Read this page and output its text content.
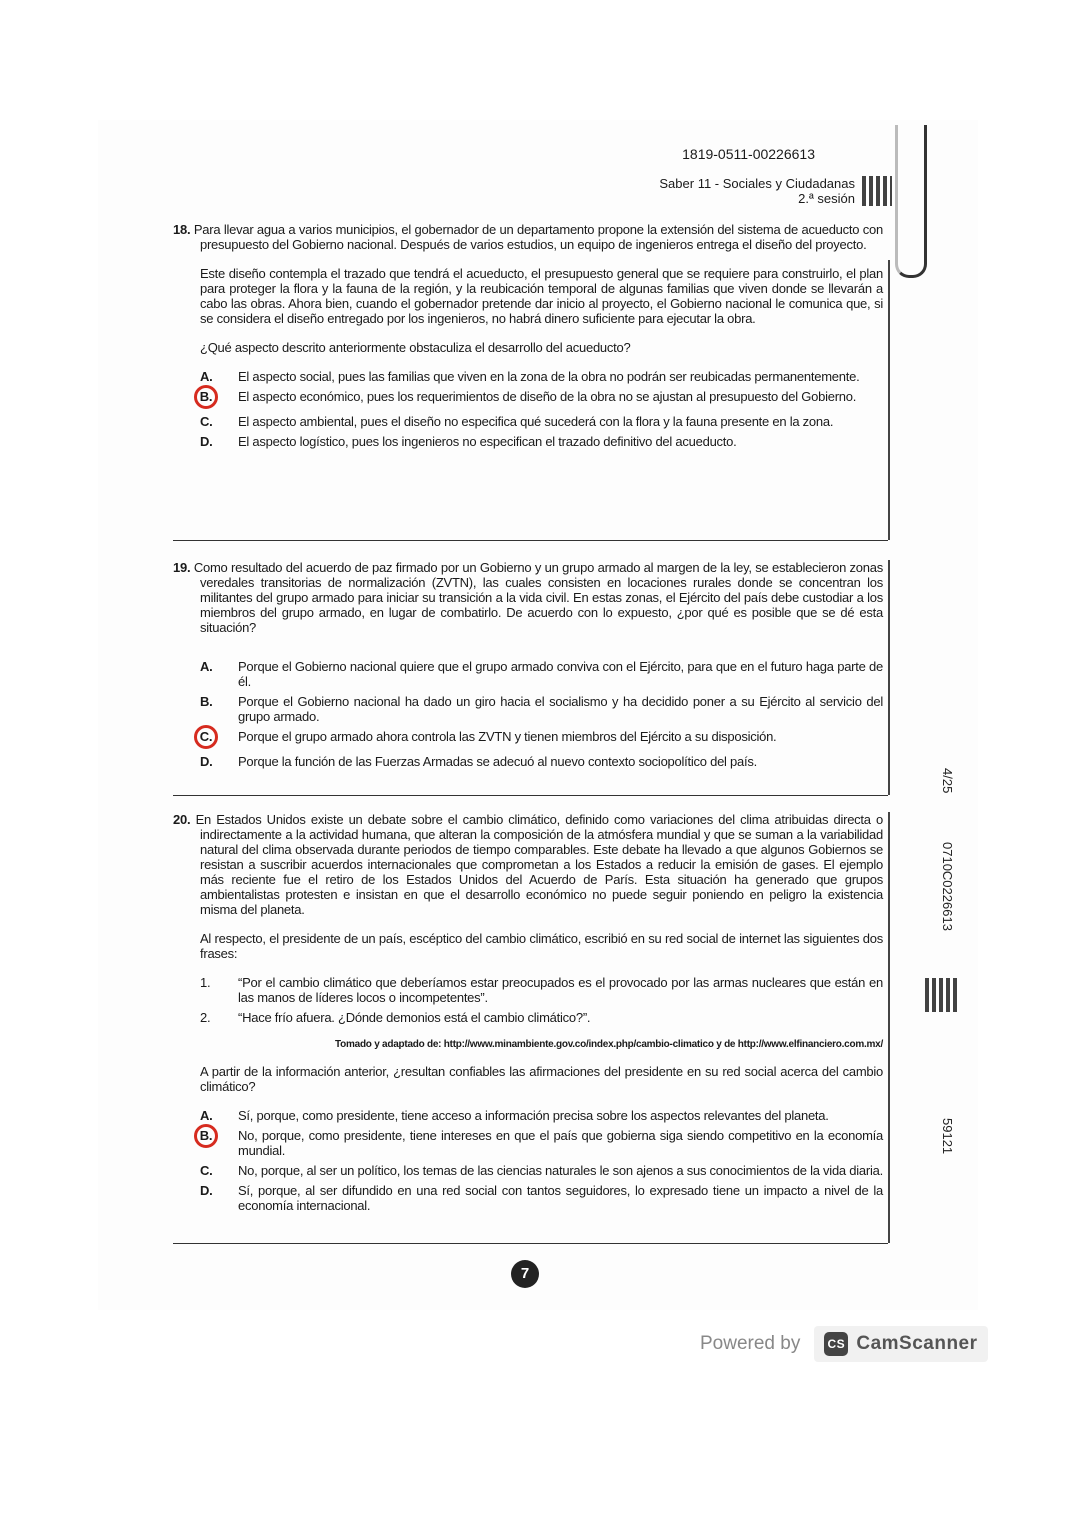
1819-0511-00226613
Saber 11 - Sociales y Ciudadanas
2.ª sesión

18. Para llevar agua a varios municipios, el gobernador de un departamento propone la extensión del sistema de acueducto con presupuesto del Gobierno nacional. Después de varios estudios, un equipo de ingenieros entrega el diseño del proyecto.

Este diseño contempla el trazado que tendrá el acueducto, el presupuesto general que se requiere para construirlo, el plan para proteger la flora y la fauna de la región, y la reubicación temporal de algunas familias que viven donde se llevarán a cabo las obras. Ahora bien, cuando el gobernador pretende dar inicio al proyecto, el Gobierno nacional le comunica que, si se considera el diseño entregado por los ingenieros, no habrá dinero suficiente para ejecutar la obra.

¿Qué aspecto descrito anteriormente obstaculiza el desarrollo del acueducto?

A.	El aspecto social, pues las familias que viven en la zona de la obra no podrán ser reubicadas permanentemente.
B.	El aspecto económico, pues los requerimientos de diseño de la obra no se ajustan al presupuesto del Gobierno.
C.	El aspecto ambiental, pues el diseño no especifica qué sucederá con la flora y la fauna presente en la zona.
D.	El aspecto logístico, pues los ingenieros no especifican el trazado definitivo del acueducto.

19. Como resultado del acuerdo de paz firmado por un Gobierno y un grupo armado al margen de la ley, se establecieron zonas veredales transitorias de normalización (ZVTN), las cuales consisten en locaciones rurales donde se concentran los militantes del grupo armado para iniciar su transición a la vida civil. En estas zonas, el Ejército del país debe custodiar a los miembros del grupo armado, en lugar de combatirlo. De acuerdo con lo expuesto, ¿por qué es posible que se dé esta situación?

A.	Porque el Gobierno nacional quiere que el grupo armado conviva con el Ejército, para que en el futuro haga parte de él.
B.	Porque el Gobierno nacional ha dado un giro hacia el socialismo y ha decidido poner a su Ejército al servicio del grupo armado.
C.	Porque el grupo armado ahora controla las ZVTN y tienen miembros del Ejército a su disposición.
D.	Porque la función de las Fuerzas Armadas se adecuó al nuevo contexto sociopolítico del país.

20. En Estados Unidos existe un debate sobre el cambio climático, definido como variaciones del clima atribuidas directa o indirectamente a la actividad humana, que alteran la composición de la atmósfera mundial y que se suman a la variabilidad natural del clima observada durante periodos de tiempo comparables. Este debate ha llevado a que algunos Gobiernos se resistan a suscribir acuerdos internacionales que comprometan a los Estados a reducir la emisión de gases. El ejemplo más reciente fue el retiro de los Estados Unidos del Acuerdo de París. Esta situación ha generado que grupos ambientalistas protesten e insistan en que el desarrollo económico no puede seguir poniendo en peligro la existencia misma del planeta.

Al respecto, el presidente de un país, escéptico del cambio climático, escribió en su red social de internet las siguientes dos frases:

1.	“Por el cambio climático que deberíamos estar preocupados es el provocado por las armas nucleares que están en las manos de líderes locos o incompetentes”.
2.	“Hace frío afuera. ¿Dónde demonios está el cambio climático?”.
Tomado y adaptado de: http://www.minambiente.gov.co/index.php/cambio-climatico y de http://www.elfinanciero.com.mx/

A partir de la información anterior, ¿resultan confiables las afirmaciones del presidente en su red social acerca del cambio climático?

A.	Sí, porque, como presidente, tiene acceso a información precisa sobre los aspectos relevantes del planeta.
B.	No, porque, como presidente, tiene intereses en que el país que gobierna siga siendo competitivo en la economía mundial.
C.	No, porque, al ser un político, los temas de las ciencias naturales le son ajenos a sus conocimientos de la vida diaria.
D.	Sí, porque, al ser difundido en una red social con tantos seguidores, lo expresado tiene un impacto a nivel de la economía internacional.
7
4/25
0710C0226613
59121
Powered by CS CamScanner
